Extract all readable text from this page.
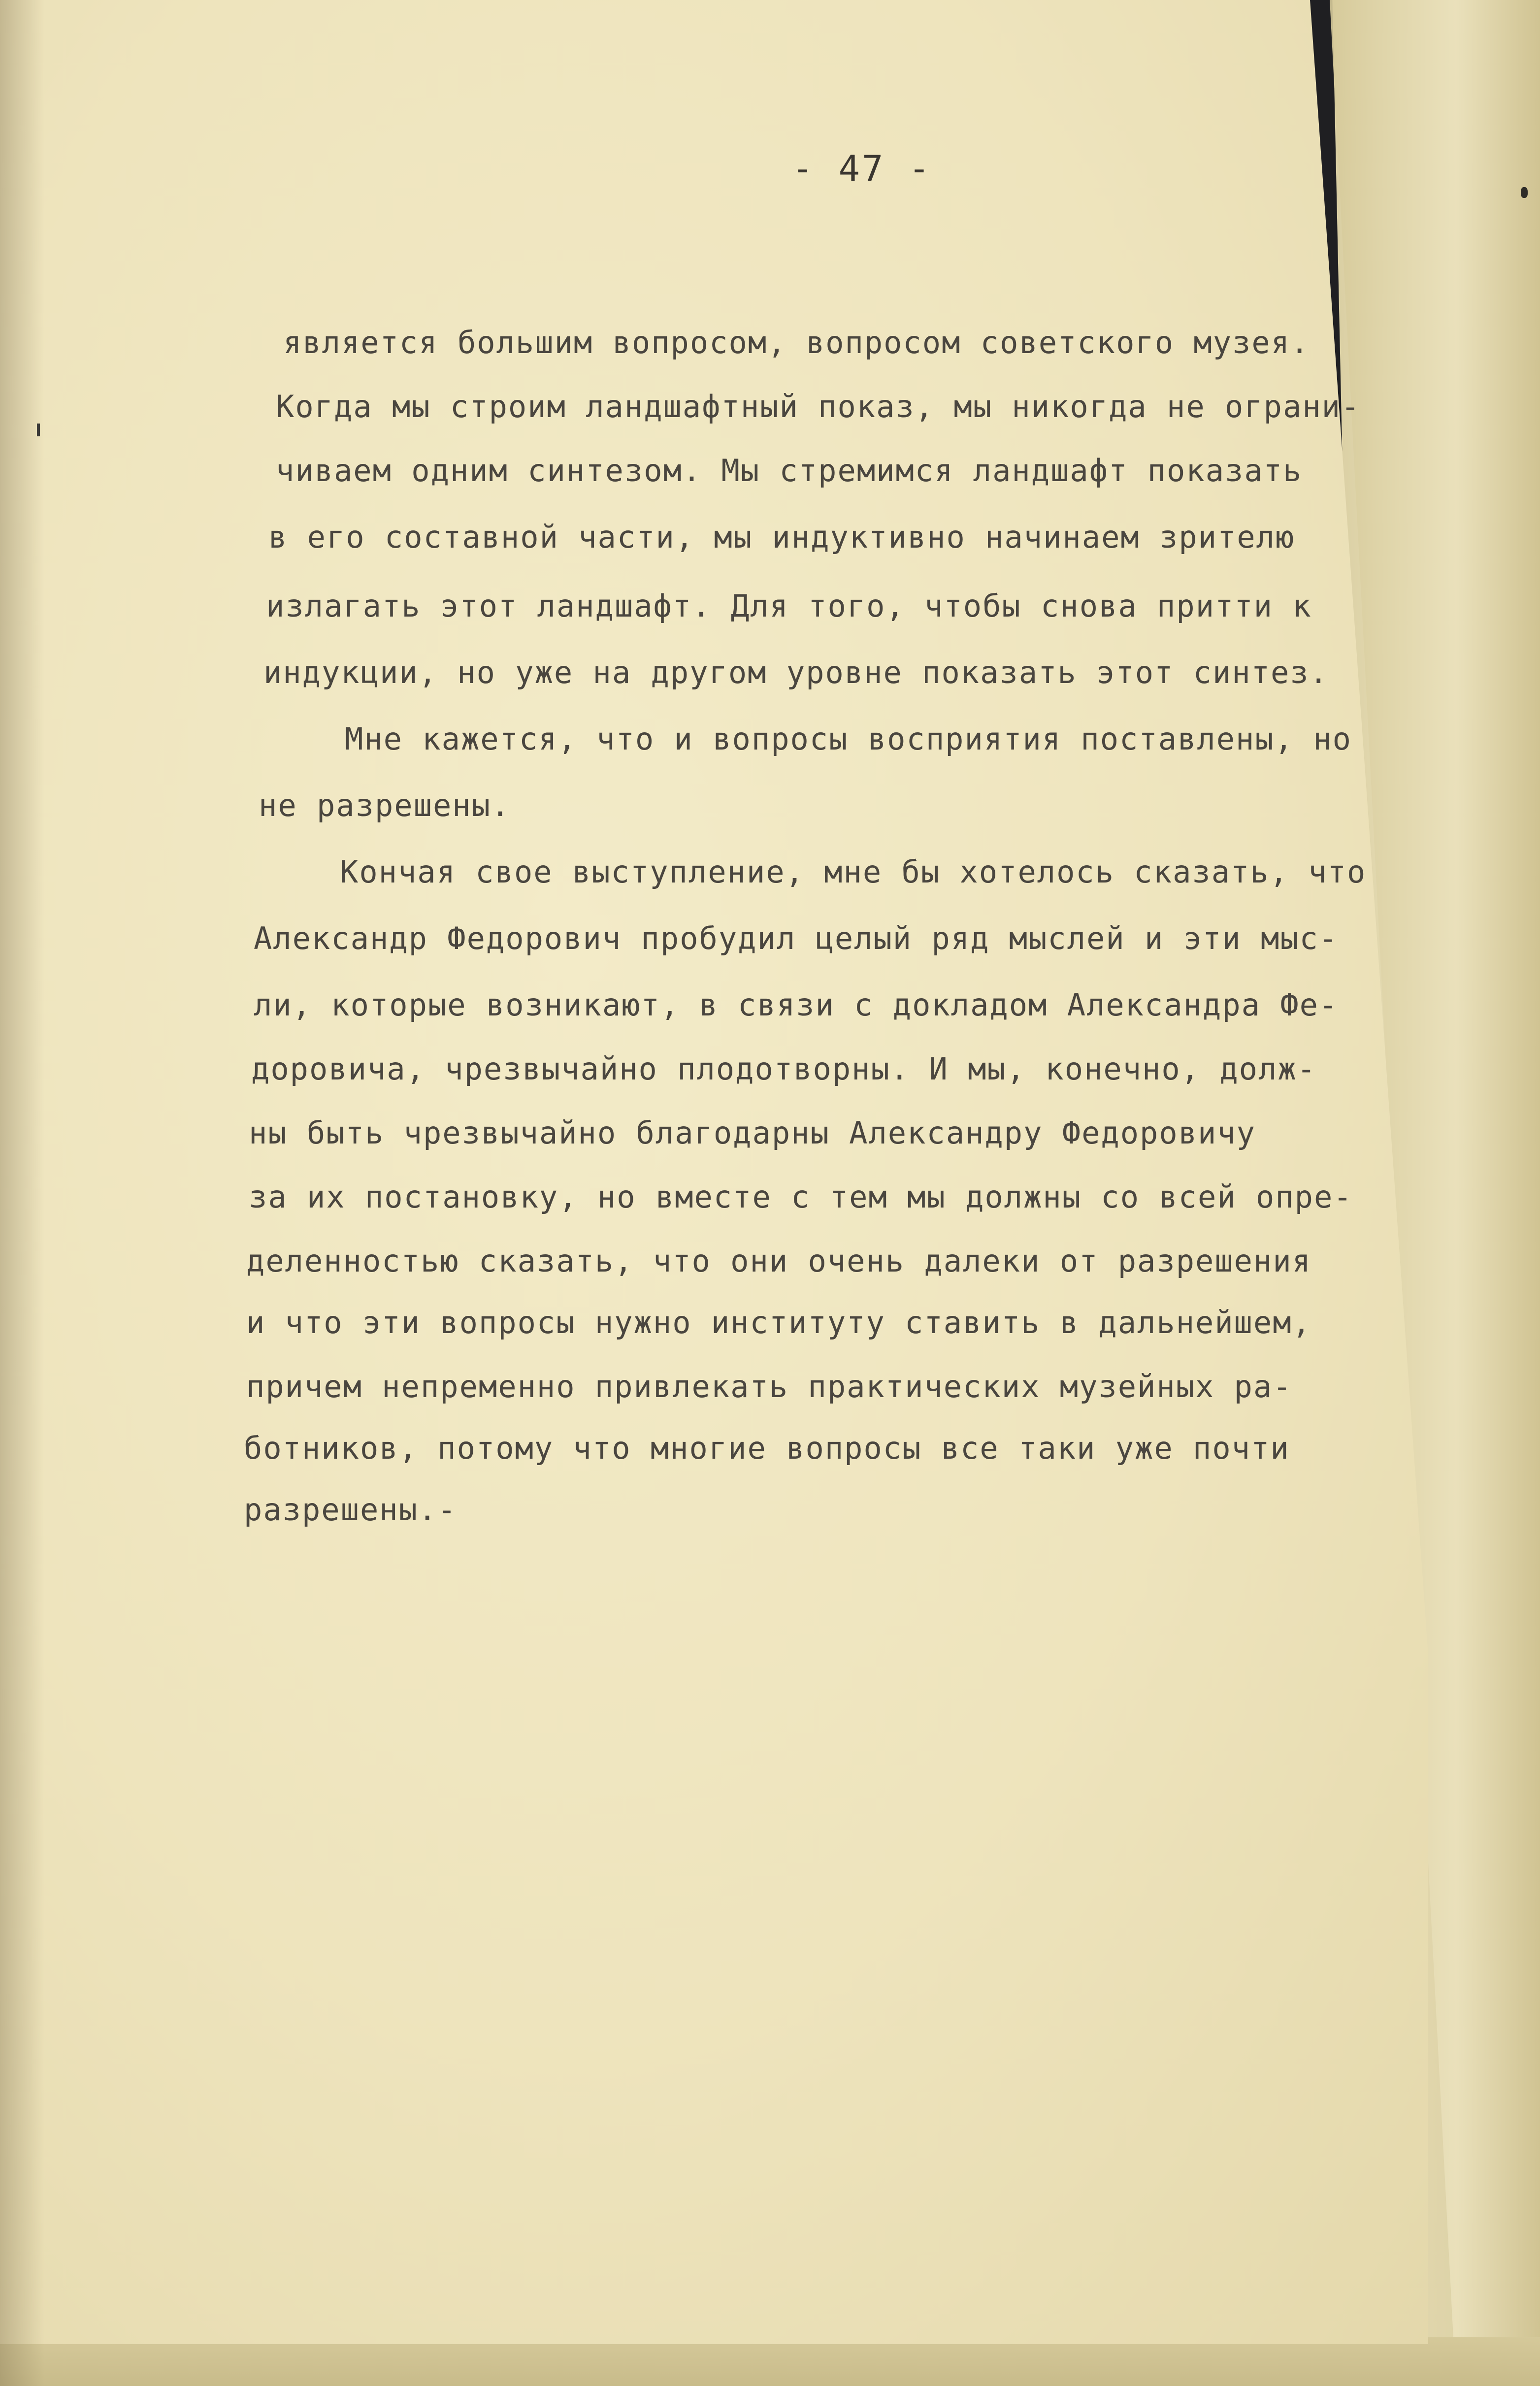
- 47 -
является большим вопросом, вопросом советского музея.
Когда мы строим ландшафтный показ, мы никогда не ограни-
чиваем одним синтезом. Мы стремимся ландшафт показать
в его составной части, мы индуктивно начинаем зрителю
излагать этот ландшафт. Для того, чтобы снова притти к
индукции, но уже на другом уровне показать этот синтез.
Мне кажется, что и вопросы восприятия поставлены, но
не разрешены.
Кончая свое выступление, мне бы хотелось сказать, что
Александр Федорович пробудил целый ряд мыслей и эти мыс-
ли, которые возникают, в связи с докладом Александра Фе-
доровича, чрезвычайно плодотворны. И мы, конечно, долж-
ны быть чрезвычайно благодарны Александру Федоровичу
за их постановку, но вместе с тем мы должны со всей опре-
деленностью сказать, что они очень далеки от разрешения
и что эти вопросы нужно институту ставить в дальнейшем,
причем непременно привлекать практических музейных ра-
ботников, потому что многие вопросы все таки уже почти
разрешены.-
